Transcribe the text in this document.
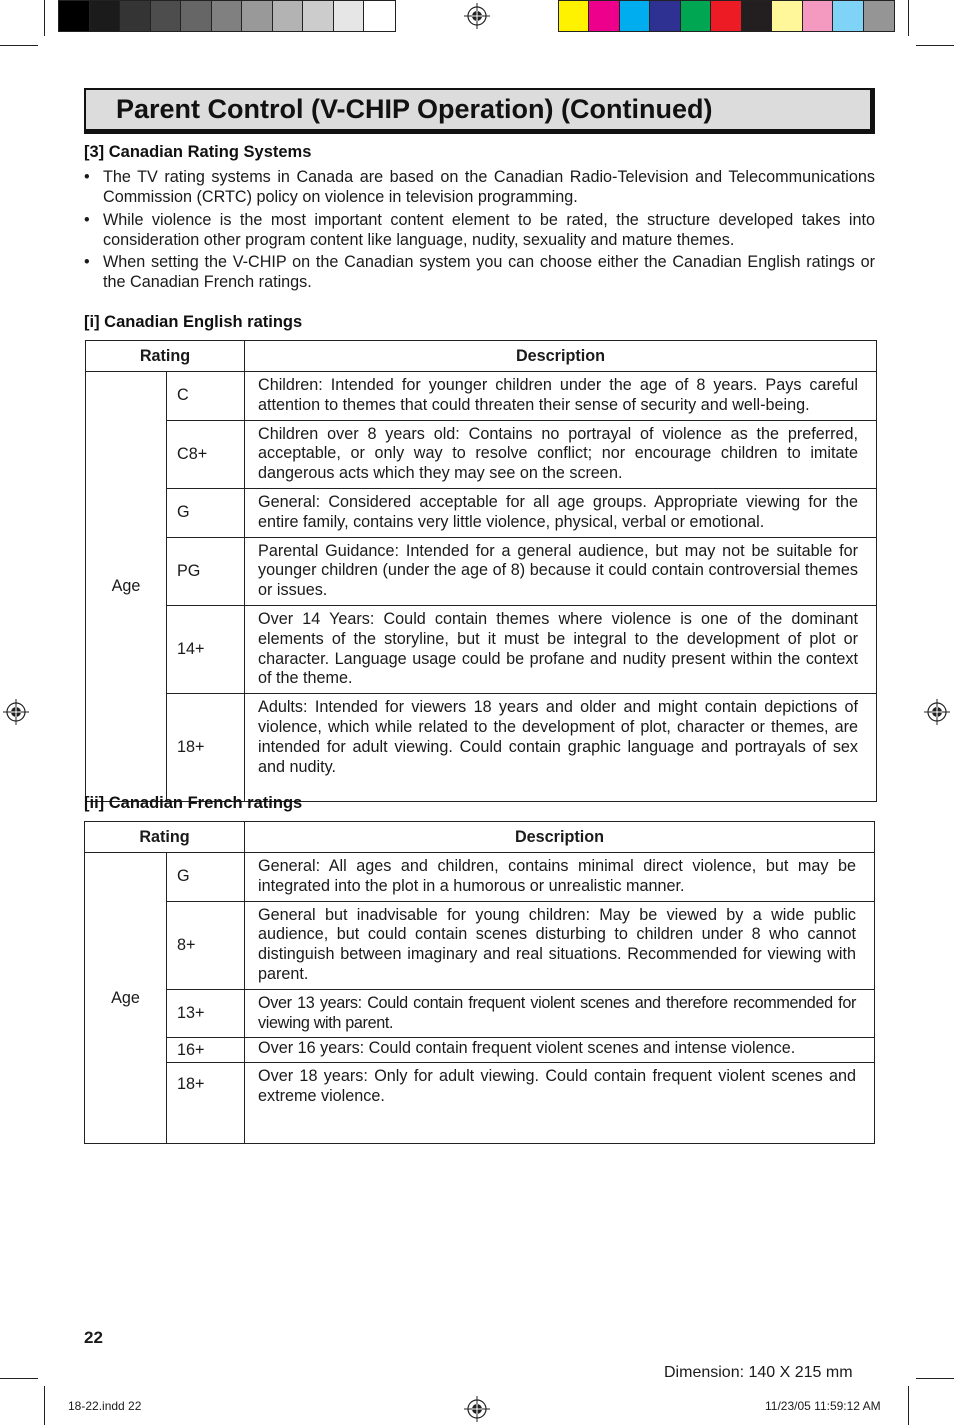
Parent Control (V-CHIP Operation) (Continued)
[3] Canadian Rating Systems
• The TV rating systems in Canada are based on the Canadian Radio-Television and Telecommunications Commission (CRTC) policy on violence in television programming.
• While violence is the most important content element to be rated, the structure developed takes into consideration other program content like language, nudity, sexuality and mature themes.
• When setting the V-CHIP on the Canadian system you can choose either the Canadian English ratings or the Canadian French ratings.
[i] Canadian English ratings
Rating		Description
Age	C	Children: Intended for younger children under the age of 8 years. Pays careful attention to themes that could threaten their sense of security and well-being.
	C8+	Children over 8 years old: Contains no portrayal of violence as the preferred, acceptable, or only way to resolve conflict; nor encourage children to imitate dangerous acts which they may see on the screen.
	G	General: Considered acceptable for all age groups. Appropriate viewing for the entire family, contains very little violence, physical, verbal or emotional.
	PG	Parental Guidance: Intended for a general audience, but may not be suitable for younger children (under the age of 8) because it could contain controversial themes or issues.
	14+	Over 14 Years: Could contain themes where violence is one of the dominant elements of the storyline, but it must be integral to the development of plot or character. Language usage could be profane and nudity present within the context of the theme.
	18+	Adults: Intended for viewers 18 years and older and might contain depictions of violence, which while related to the development of plot, character or themes, are intended for adult viewing. Could contain graphic language and portrayals of sex and nudity.
[ii] Canadian French ratings
Rating		Description
Age	G	General: All ages and children, contains minimal direct violence, but may be integrated into the plot in a humorous or unrealistic manner.
	8+	General but inadvisable for young children: May be viewed by a wide public audience, but could contain scenes disturbing to children under 8 who cannot distinguish between imaginary and real situations. Recommended for viewing with parent.
	13+	Over 13 years: Could contain frequent violent scenes and therefore recommended for viewing with parent.
	16+	Over 16 years: Could contain frequent violent scenes and intense violence.
	18+	Over 18 years: Only for adult viewing. Could contain frequent violent scenes and extreme violence.
22
Dimension: 140 X 215 mm
18-22.indd 22	11/23/05 11:59:12 AM
